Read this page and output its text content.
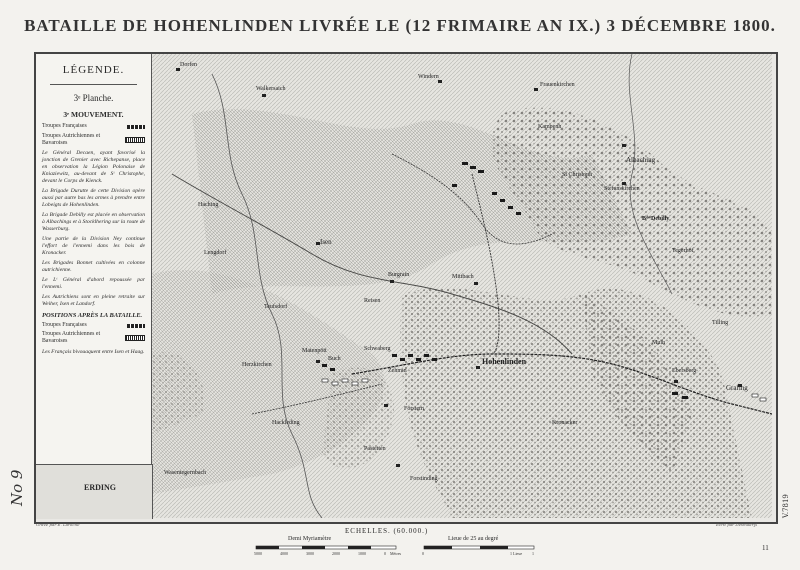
BATAILLE DE HOHENLINDEN LIVRÉE LE (12 FRIMAIRE AN IX.) 3 DÉCEMBRE 1800.
Dorfen
Walkersaich
Windern
Frauenkirchen
Kampenh
Haching
Albaching
Lengdorf
Isen
Reisen
Burgrain	Mittbach
St Christoph
Stefanskirchen
Bᵈᵉ Debilly
Tegerhof
Hohenlinden
Matenpött
Buch
Schwaberg
Zehmin
Forstern
Pastetten
Kronacker
Forstinding
Hackleding
Grafing
Ebersberg
Mulh
Tilling
Teufsdorf
Herzkirchen
Wasentegernbach
LÉGENDE.
3ᵉ Planche.
3ᵉ MOUVEMENT.
Troupes Françaises
Troupes Autrichiennes et Bavaroises
Le Général Decaen, ayant favorisé la jonction de Grenier avec Richepanse, place en observation la Légion Polonaise de Kniaziewitz, au-devant de Sᵗ Christophe, devant le Corps de Kienck.
La Brigade Durutte de cette Division opère aussi par autre bas les armes à prendre entre Lobeigts de Hohenlinden.
La Brigade Debilly est placée en observation à Albachings et à Stocklhering sur la route de Wasserburg.
Une partie de la Division Ney continue l'effort de l'ennemi dans les bois de Kronacker.
Les Brigades Bonnet cultivées en colonne autrichienne.
Le Lᵗ Général d'abord repoussée par l'ennemi.
Les Autrichiens sont en pleine retraite sur Weiher, Isen et Landorf.
POSITIONS APRÈS LA BATAILLE.
Troupes Françaises
Troupes Autrichiennes et Bavaroises
Les Français bivouaquent entre Isen et Haag.
ERDING
ECHELLES. (60.000.)
Demi Myriamètre	Lieue de 25 au degré
5000	4000	3000	2000	1000	0 Mètres	0	1
1 Lieue
Gravé par E. Laroche	Écrit par Desmadryl
11
No 9
V.7819
